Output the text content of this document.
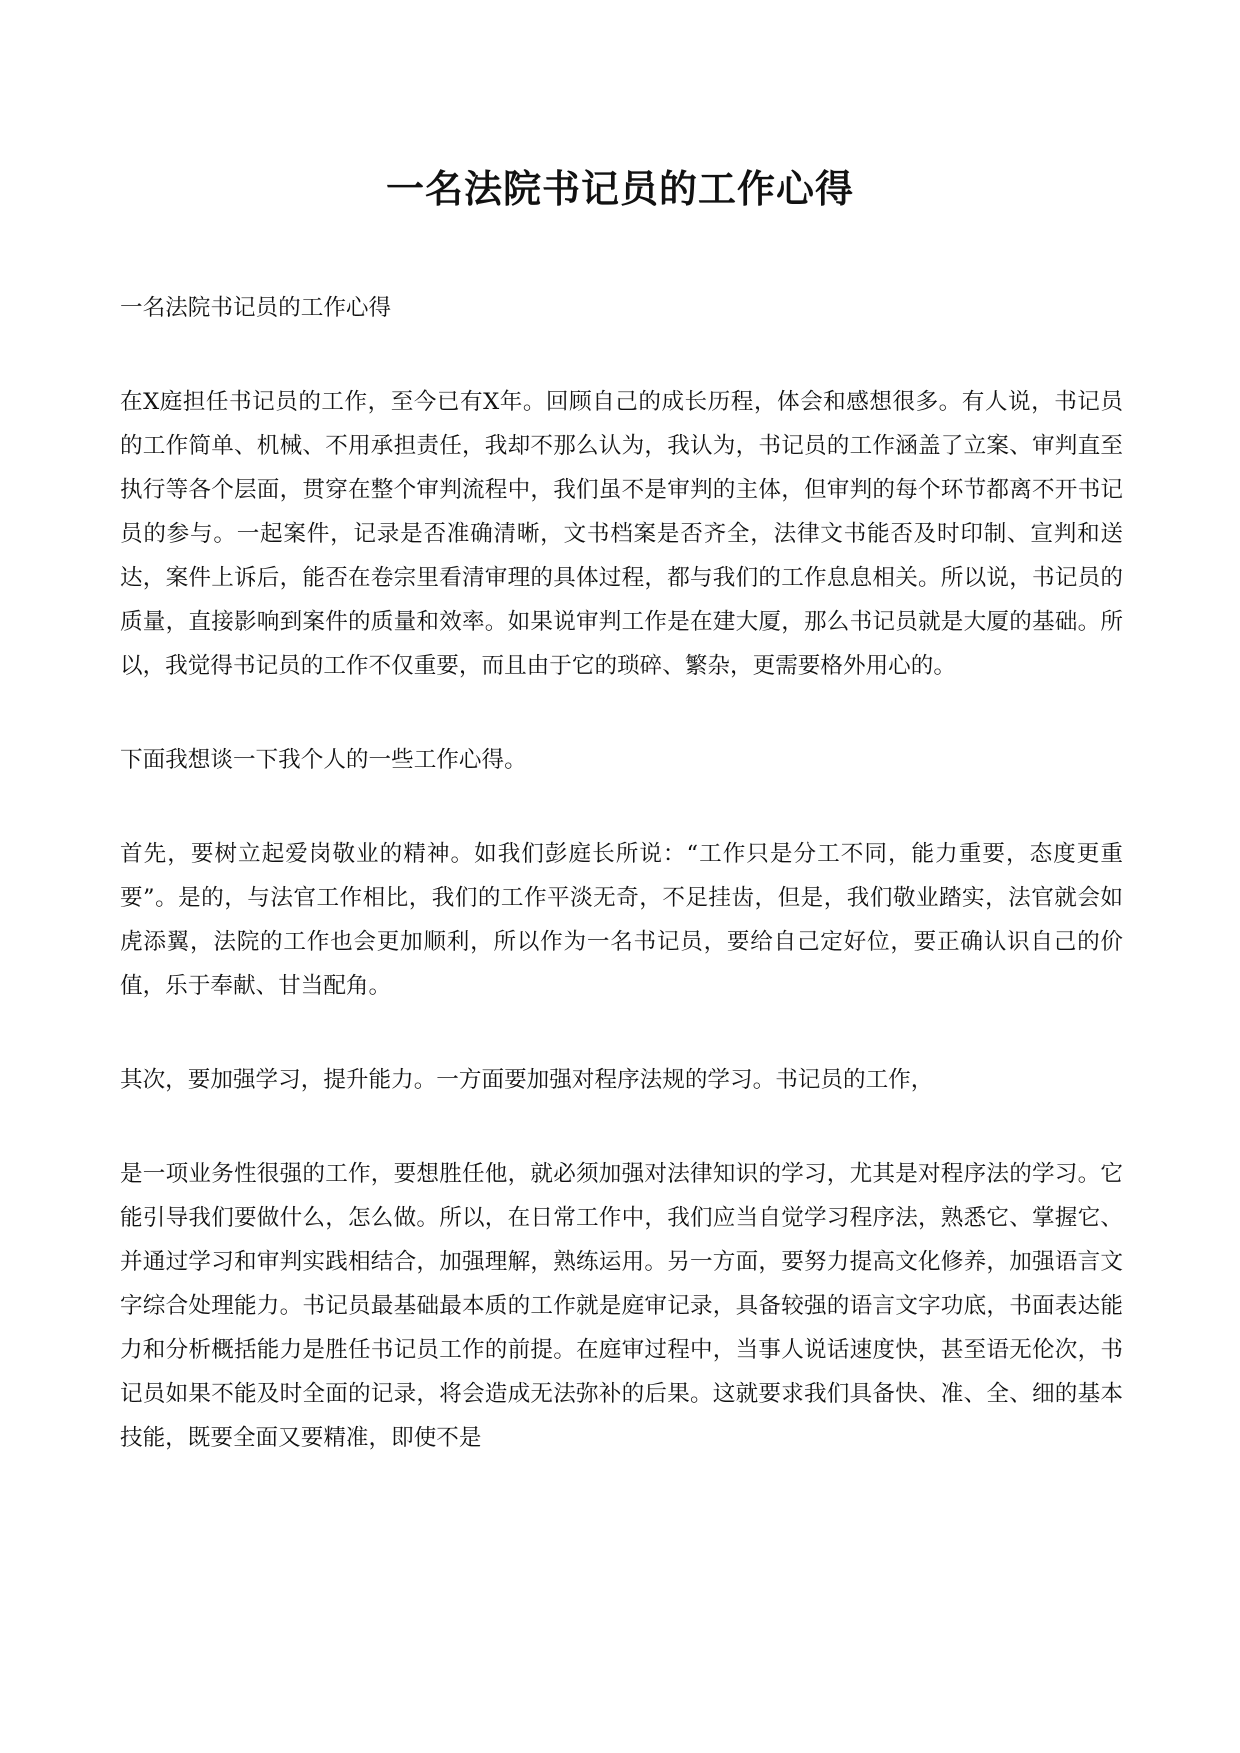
一名法院书记员的工作心得

一名法院书记员的工作心得

在X庭担任书记员的工作，至今已有X年。回顾自己的成长历程，体会和感想很多。有人说，书记员的工作简单、机械、不用承担责任，我却不那么认为，我认为，书记员的工作涵盖了立案、审判直至执行等各个层面，贯穿在整个审判流程中，我们虽不是审判的主体，但审判的每个环节都离不开书记员的参与。一起案件，记录是否准确清晰，文书档案是否齐全，法律文书能否及时印制、宣判和送达，案件上诉后，能否在卷宗里看清审理的具体过程，都与我们的工作息息相关。所以说，书记员的质量，直接影响到案件的质量和效率。如果说审判工作是在建大厦，那么书记员就是大厦的基础。所以，我觉得书记员的工作不仅重要，而且由于它的琐碎、繁杂，更需要格外用心的。

下面我想谈一下我个人的一些工作心得。

首先，要树立起爱岗敬业的精神。如我们彭庭长所说：“工作只是分工不同，能力重要，态度更重要”。是的，与法官工作相比，我们的工作平淡无奇，不足挂齿，但是，我们敬业踏实，法官就会如虎添翼，法院的工作也会更加顺利，所以作为一名书记员，要给自己定好位，要正确认识自己的价值，乐于奉献、甘当配角。

其次，要加强学习，提升能力。一方面要加强对程序法规的学习。书记员的工作，

是一项业务性很强的工作，要想胜任他，就必须加强对法律知识的学习，尤其是对程序法的学习。它能引导我们要做什么，怎么做。所以，在日常工作中，我们应当自觉学习程序法，熟悉它、掌握它、并通过学习和审判实践相结合，加强理解，熟练运用。另一方面，要努力提高文化修养，加强语言文字综合处理能力。书记员最基础最本质的工作就是庭审记录，具备较强的语言文字功底，书面表达能力和分析概括能力是胜任书记员工作的前提。在庭审过程中，当事人说话速度快，甚至语无伦次，书记员如果不能及时全面的记录，将会造成无法弥补的后果。这就要求我们具备快、准、全、细的基本技能，既要全面又要精准，即使不是
